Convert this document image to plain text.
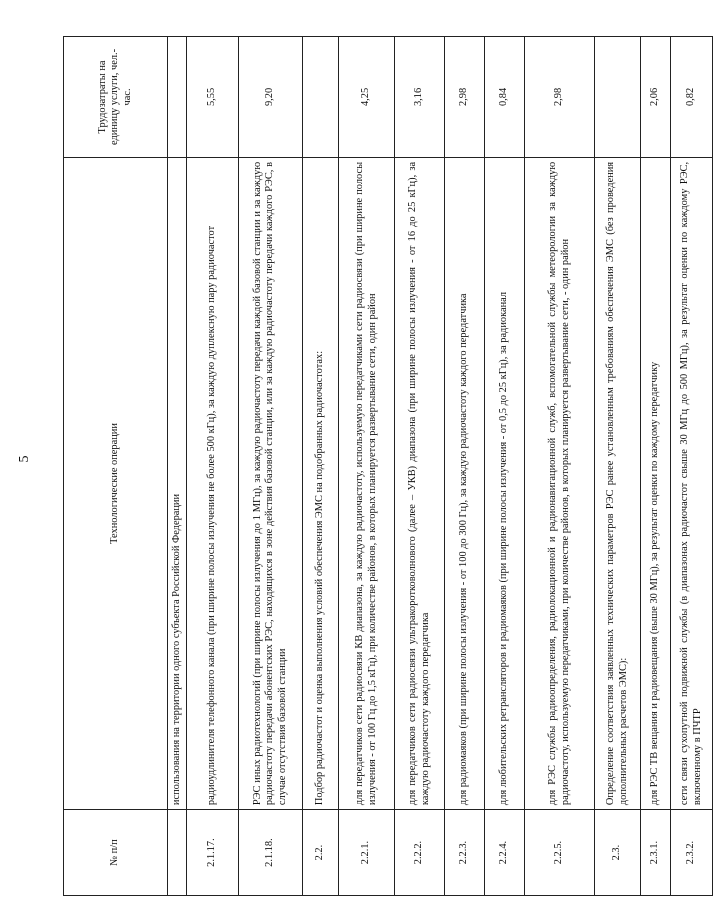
5
№ п/п	Технологические операции	Трудозатраты на единицу услуги, чел.-час.
	использования на территории одного субъекта Российской Федерации	
2.1.17.	радиоудлинителя телефонного канала (при ширине полосы излучения не более 500 кГц), за каждую дуплексную пару радиочастот	5,55
2.1.18.	РЭС иных радиотехнологий (при ширине полосы излучения до 1 МГц), за каждую радиочастоту передачи каждой базовой станции и за каждую радиочастоту передачи абонентских РЭС, находящихся в зоне действия базовой станции, или за каждую радиочастоту передачи каждого РЭС, в случае отсутствия базовой станции	9,20
2.2.	Подбор радиочастот и оценка выполнения условий обеспечения ЭМС на подобранных радиочастотах:	
2.2.1.	для передатчиков сети радиосвязи КВ диапазона, за каждую радиочастоту, используемую передатчиками сети радиосвязи (при ширине полосы излучения - от 100 Гц до 1,5 кГц), при количестве районов, в которых планируется развертывание сети, один район	4,25
2.2.2.	для передатчиков сети радиосвязи ультракоротковолнового (далее – УКВ) диапазона (при ширине полосы излучения - от 16 до 25 кГц), за каждую радиочастоту каждого передатчика	3,16
2.2.3.	для радиомаяков (при ширине полосы излучения - от 100 до 300 Гц), за каждую радиочастоту каждого передатчика	2,98
2.2.4.	для любительских ретрансляторов и радиомаяков (при ширине полосы излучения - от 0,5 до 25 кГц), за радиоканал	0,84
2.2.5.	для РЭС службы радиоопределения, радиолокационной и радионавигационной служб, вспомогательной службы метеорологии за каждую радиочастоту, используемую передатчиками, при количестве районов, в которых планируется развертывание сети, - один район	2,98
2.3.	Определение соответствия заявленных технических параметров РЭС ранее установленным требованиям обеспечения ЭМС (без проведения дополнительных расчетов ЭМС):	
2.3.1.	для РЭС ТВ вещания и радиовещания (выше 30 МГц), за результат оценки по каждому передатчику	2,06
2.3.2.	сети связи сухопутной подвижной службы (в диапазонах радиочастот свыше 30 МГц до 500 МГц), за результат оценки по каждому РЭС, включенному в ПЧТР	0,82
